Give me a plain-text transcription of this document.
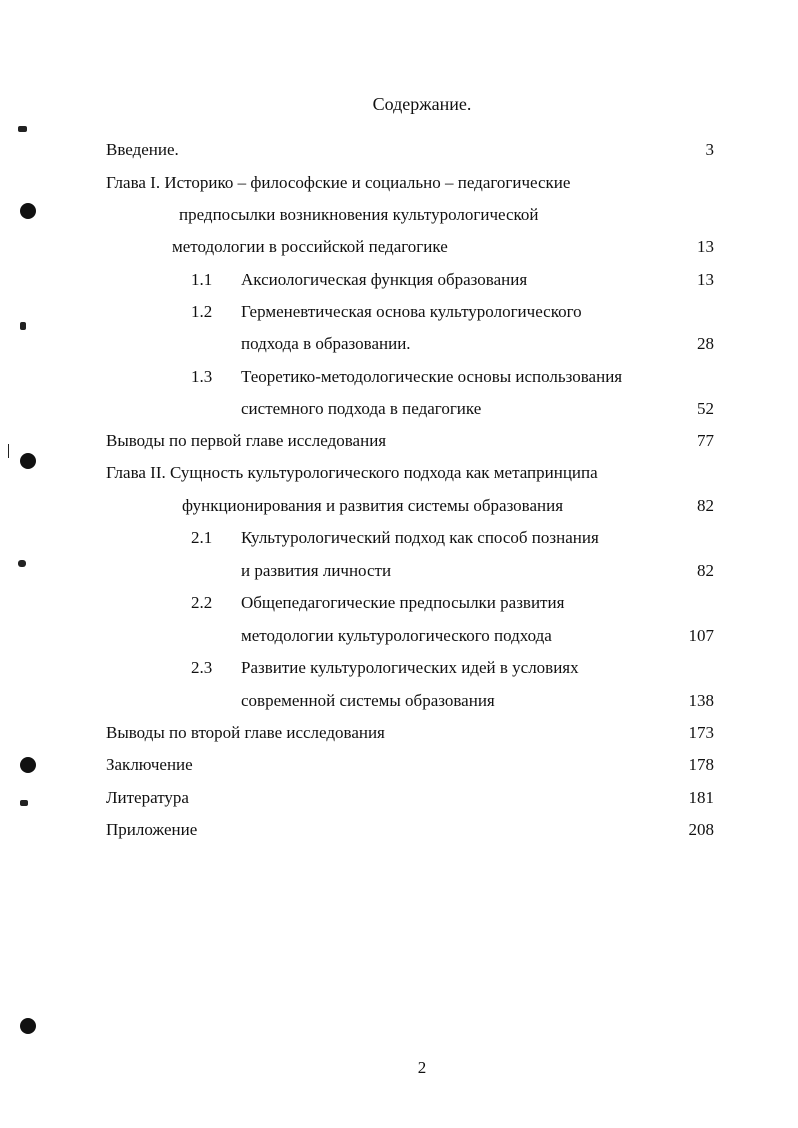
Содержание.
Введение.	3
Глава I. Историко – философские и социально – педагогические
предпосылки возникновения культурологической
методологии в российской педагогике	13
1.1 Аксиологическая функция образования	13
1.2 Герменевтическая основа культурологического
подхода в образовании.	28
1.3 Теоретико-методологические основы использования
системного подхода в педагогике	52
Выводы по первой главе исследования	77
Глава II. Сущность культурологического подхода как метапринципа
функционирования и развития системы образования	82
2.1 Культурологический подход как способ познания
и развития личности	82
2.2 Общепедагогические предпосылки развития
методологии культурологического подхода	107
2.3 Развитие культурологических идей в условиях
современной системы образования	138
Выводы по второй главе исследования	173
Заключение	178
Литература	181
Приложение	208
2
